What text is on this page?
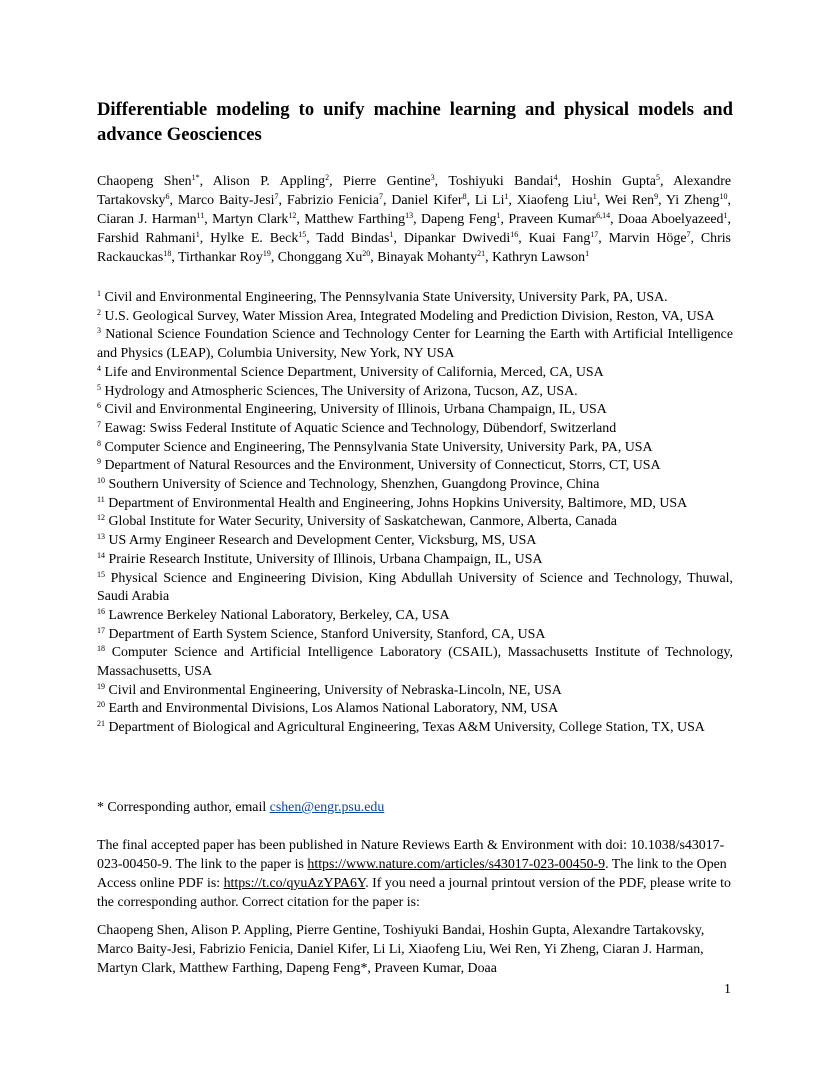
Differentiable modeling to unify machine learning and physical models and advance Geosciences
Chaopeng Shen$^{1*}$, Alison P. Appling$^2$, Pierre Gentine$^3$, Toshiyuki Bandai$^4$, Hoshin Gupta$^5$, Alexandre Tartakovsky$^6$, Marco Baity-Jesi$^7$, Fabrizio Fenicia$^7$, Daniel Kifer$^8$, Li Li$^1$, Xiaofeng Liu$^1$, Wei Ren$^9$, Yi Zheng$^{10}$, Ciaran J. Harman$^{11}$, Martyn Clark$^{12}$, Matthew Farthing$^{13}$, Dapeng Feng$^1$, Praveen Kumar$^{6,14}$, Doaa Aboelyazeed$^1$, Farshid Rahmani$^1$, Hylke E. Beck$^{15}$, Tadd Bindas$^1$, Dipankar Dwivedi$^{16}$, Kuai Fang$^{17}$, Marvin Höge$^7$, Chris Rackauckas$^{18}$, Tirthankar Roy$^{19}$, Chonggang Xu$^{20}$, Binayak Mohanty$^{21}$, Kathryn Lawson$^1$
$^1$ Civil and Environmental Engineering, The Pennsylvania State University, University Park, PA, USA.
$^2$ U.S. Geological Survey, Water Mission Area, Integrated Modeling and Prediction Division, Reston, VA, USA
$^3$ National Science Foundation Science and Technology Center for Learning the Earth with Artificial Intelligence and Physics (LEAP), Columbia University, New York, NY USA
$^4$ Life and Environmental Science Department, University of California, Merced, CA, USA
$^5$ Hydrology and Atmospheric Sciences, The University of Arizona, Tucson, AZ, USA.
$^6$ Civil and Environmental Engineering, University of Illinois, Urbana Champaign, IL, USA
$^7$ Eawag: Swiss Federal Institute of Aquatic Science and Technology, Dübendorf, Switzerland
$^8$ Computer Science and Engineering, The Pennsylvania State University, University Park, PA, USA
$^9$ Department of Natural Resources and the Environment, University of Connecticut, Storrs, CT, USA
$^{10}$ Southern University of Science and Technology, Shenzhen, Guangdong Province, China
$^{11}$ Department of Environmental Health and Engineering, Johns Hopkins University, Baltimore, MD, USA
$^{12}$ Global Institute for Water Security, University of Saskatchewan, Canmore, Alberta, Canada
$^{13}$ US Army Engineer Research and Development Center, Vicksburg, MS, USA
$^{14}$ Prairie Research Institute, University of Illinois, Urbana Champaign, IL, USA
$^{15}$ Physical Science and Engineering Division, King Abdullah University of Science and Technology, Thuwal, Saudi Arabia
$^{16}$ Lawrence Berkeley National Laboratory, Berkeley, CA, USA
$^{17}$ Department of Earth System Science, Stanford University, Stanford, CA, USA
$^{18}$ Computer Science and Artificial Intelligence Laboratory (CSAIL), Massachusetts Institute of Technology, Massachusetts, USA
$^{19}$ Civil and Environmental Engineering, University of Nebraska-Lincoln, NE, USA
$^{20}$ Earth and Environmental Divisions, Los Alamos National Laboratory, NM, USA
$^{21}$ Department of Biological and Agricultural Engineering, Texas A&M University, College Station, TX, USA
* Corresponding author, email cshen@engr.psu.edu
The final accepted paper has been published in Nature Reviews Earth & Environment with doi: 10.1038/s43017-023-00450-9. The link to the paper is https://www.nature.com/articles/s43017-023-00450-9. The link to the Open Access online PDF is: https://t.co/qyuAzYPA6Y. If you need a journal printout version of the PDF, please write to the corresponding author. Correct citation for the paper is:
Chaopeng Shen, Alison P. Appling, Pierre Gentine, Toshiyuki Bandai, Hoshin Gupta, Alexandre Tartakovsky, Marco Baity-Jesi, Fabrizio Fenicia, Daniel Kifer, Li Li, Xiaofeng Liu, Wei Ren, Yi Zheng, Ciaran J. Harman, Martyn Clark, Matthew Farthing, Dapeng Feng*, Praveen Kumar, Doaa
1
